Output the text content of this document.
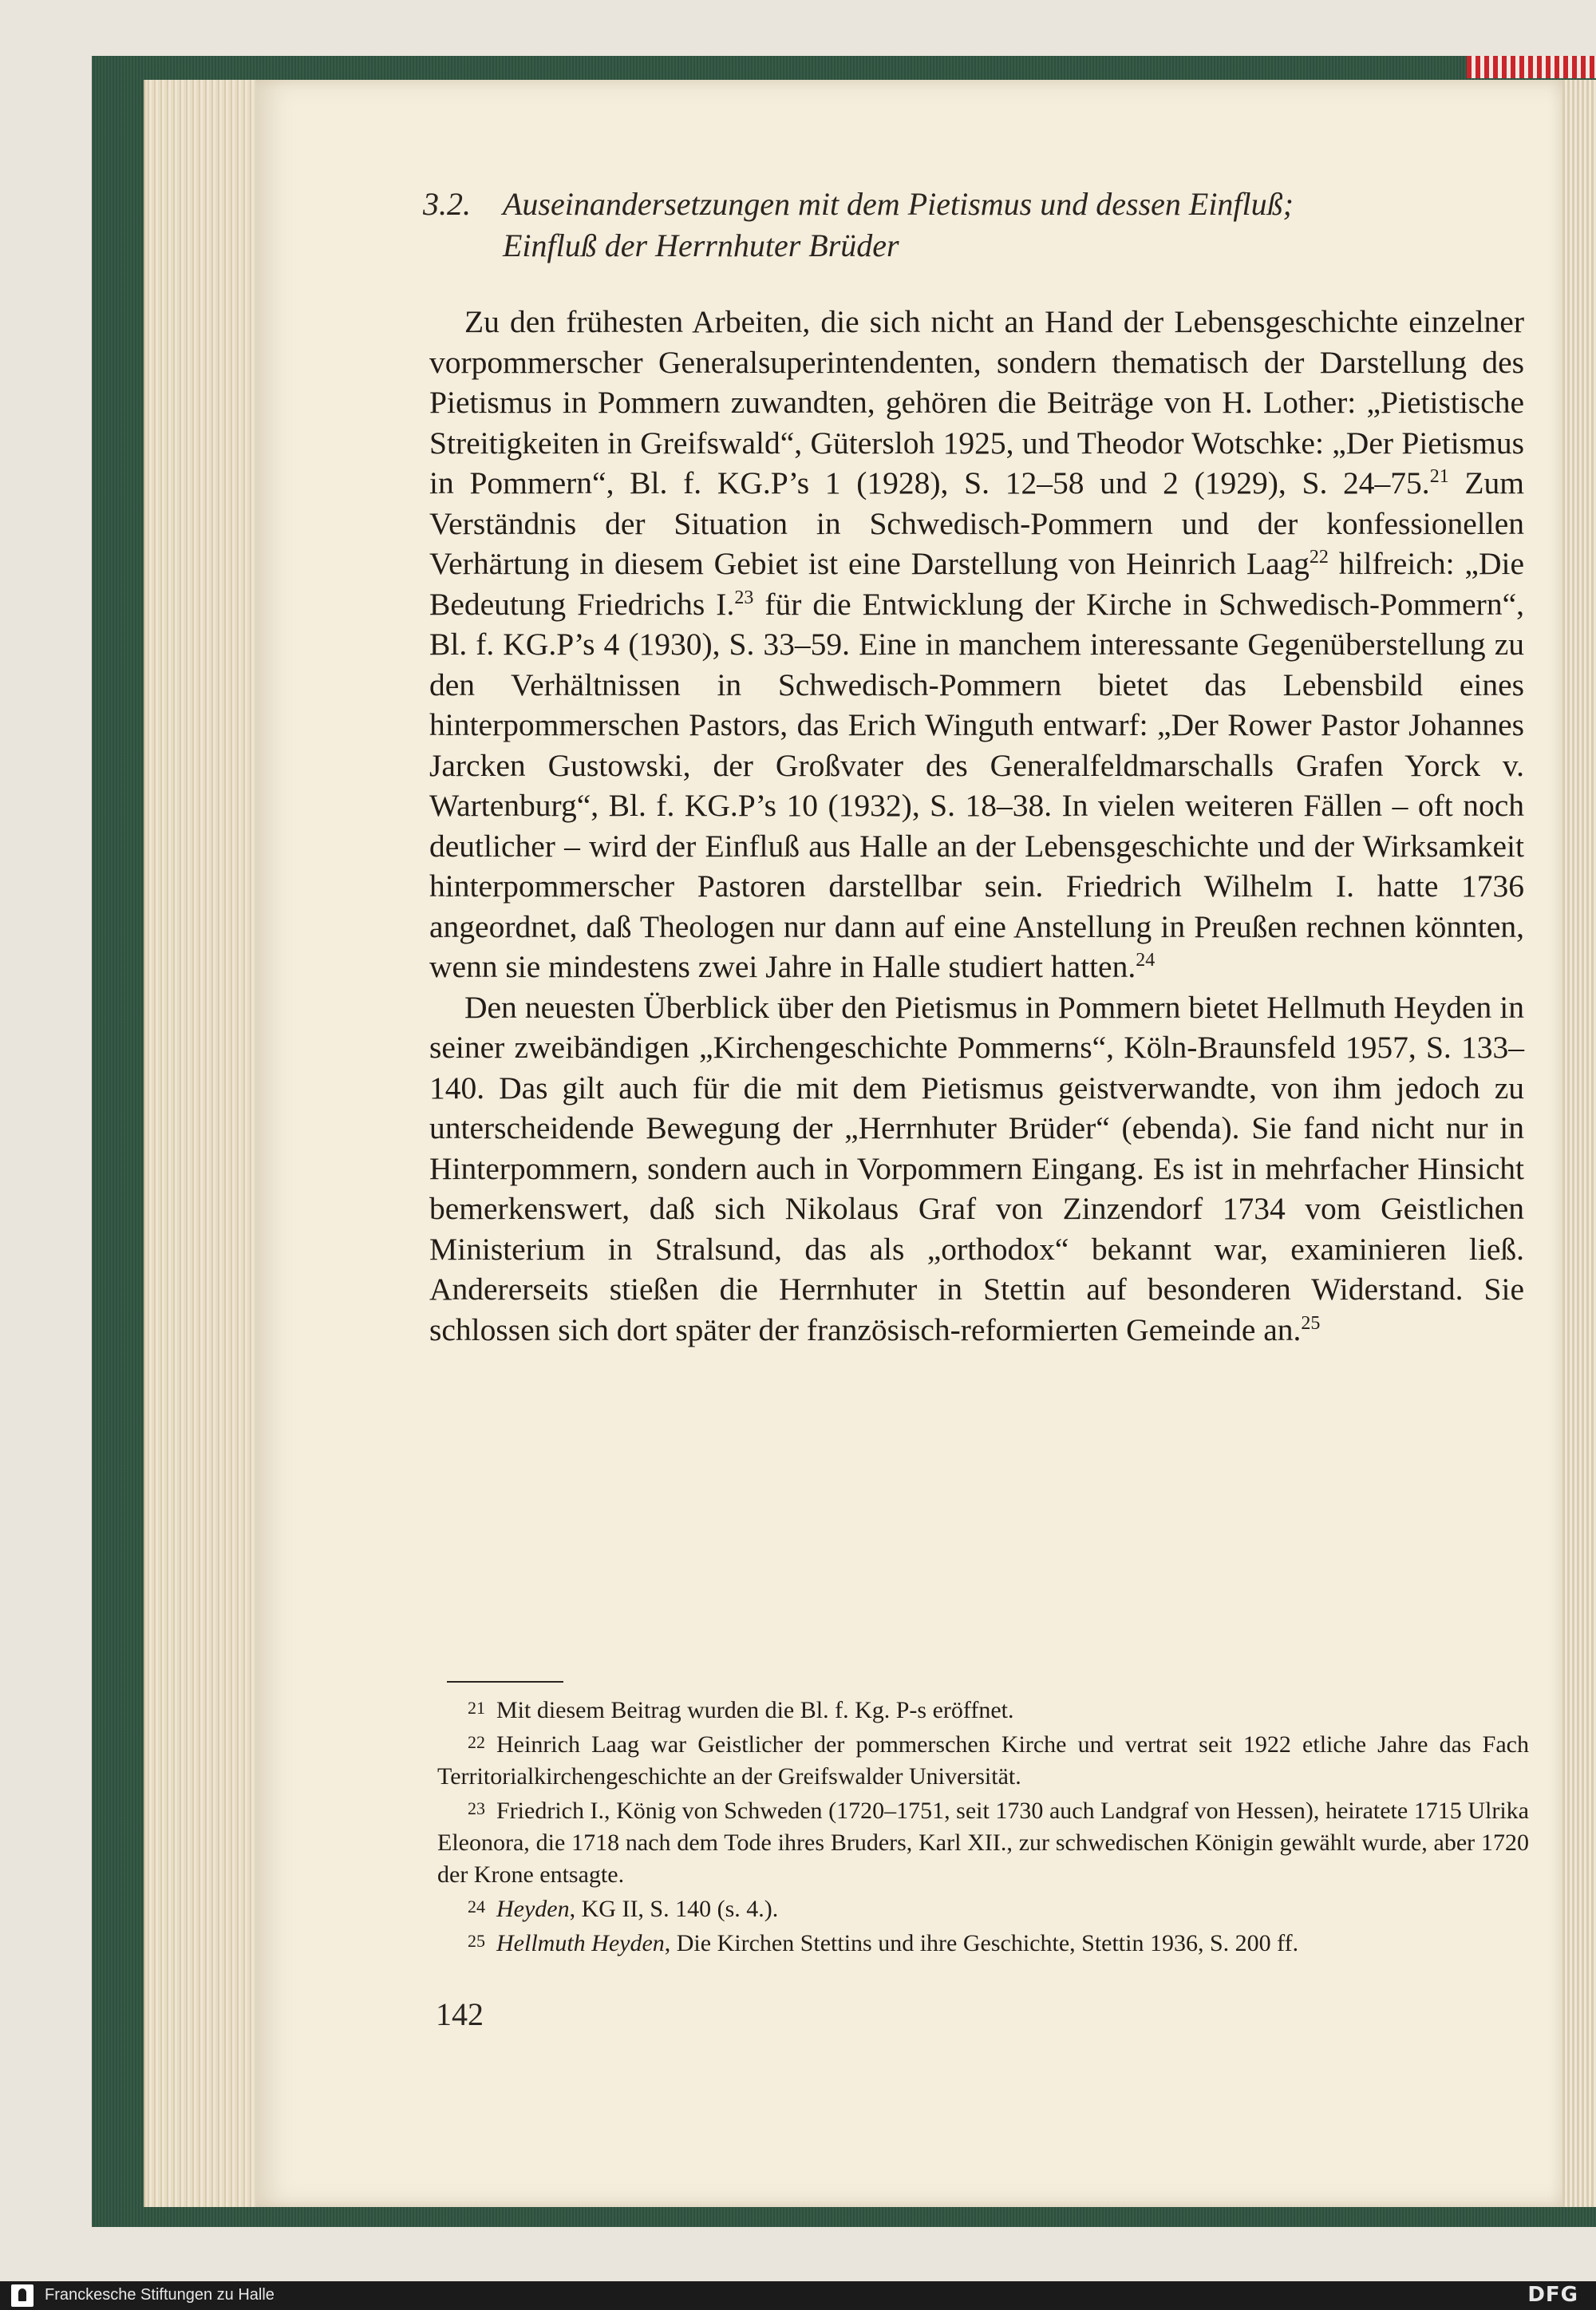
3.2. Auseinandersetzungen mit dem Pietismus und dessen Einfluß;
Einfluß der Herrnhuter Brüder

Zu den frühesten Arbeiten, die sich nicht an Hand der Lebensgeschichte einzelner vorpommerscher Generalsuperintendenten, sondern thematisch der Darstellung des Pietismus in Pommern zuwandten, gehören die Beiträge von H. Lother: „Pietistische Streitigkeiten in Greifswald“, Gütersloh 1925, und Theodor Wotschke: „Der Pietismus in Pommern“, Bl. f. KG.P’s 1 (1928), S. 12–58 und 2 (1929), S. 24–75.21 Zum Verständnis der Situation in Schwedisch-Pommern und der konfessionellen Verhärtung in diesem Gebiet ist eine Darstellung von Heinrich Laag$^{22}$ hilfreich: „Die Bedeutung Friedrichs I.$^{23}$ für die Entwicklung der Kirche in Schwedisch-Pommern“, Bl. f. KG.P’s 4 (1930), S. 33–59. Eine in manchem interessante Gegenüberstellung zu den Verhältnissen in Schwedisch-Pommern bietet das Lebensbild eines hinterpommerschen Pastors, das Erich Winguth entwarf: „Der Rower Pastor Johannes Jarcken Gustowski, der Großvater des Generalfeldmarschalls Grafen Yorck v. Wartenburg“, Bl. f. KG.P’s 10 (1932), S. 18–38. In vielen weiteren Fällen – oft noch deutlicher – wird der Einfluß aus Halle an der Lebensgeschichte und der Wirksamkeit hinterpommerscher Pastoren darstellbar sein. Friedrich Wilhelm I. hatte 1736 angeordnet, daß Theologen nur dann auf eine Anstellung in Preußen rechnen könnten, wenn sie mindestens zwei Jahre in Halle studiert hatten.$^{24}$

Den neuesten Überblick über den Pietismus in Pommern bietet Hellmuth Heyden in seiner zweibändigen „Kirchengeschichte Pommerns“, Köln-Braunsfeld 1957, S. 133–140. Das gilt auch für die mit dem Pietismus geistverwandte, von ihm jedoch zu unterscheidende Bewegung der „Herrnhuter Brüder“ (ebenda). Sie fand nicht nur in Hinterpommern, sondern auch in Vorpommern Eingang. Es ist in mehrfacher Hinsicht bemerkenswert, daß sich Nikolaus Graf von Zinzendorf 1734 vom Geistlichen Ministerium in Stralsund, das als „orthodox“ bekannt war, examinieren ließ. Andererseits stießen die Herrnhuter in Stettin auf besonderen Widerstand. Sie schlossen sich dort später der französisch-reformierten Gemeinde an.$^{25}$

21 Mit diesem Beitrag wurden die Bl. f. Kg. P-s eröffnet.

22 Heinrich Laag war Geistlicher der pommerschen Kirche und vertrat seit 1922 etliche Jahre das Fach Territorialkirchengeschichte an der Greifswalder Universität.

23 Friedrich I., König von Schweden (1720–1751, seit 1730 auch Landgraf von Hessen), heiratete 1715 Ulrika Eleonora, die 1718 nach dem Tode ihres Bruders, Karl XII., zur schwedischen Königin gewählt wurde, aber 1720 der Krone entsagte.

24 Heyden, KG II, S. 140 (s. 4.).

25 Hellmuth Heyden, Die Kirchen Stettins und ihre Geschichte, Stettin 1936, S. 200 ff.

142
Franckesche Stiftungen zu Halle	DFG
